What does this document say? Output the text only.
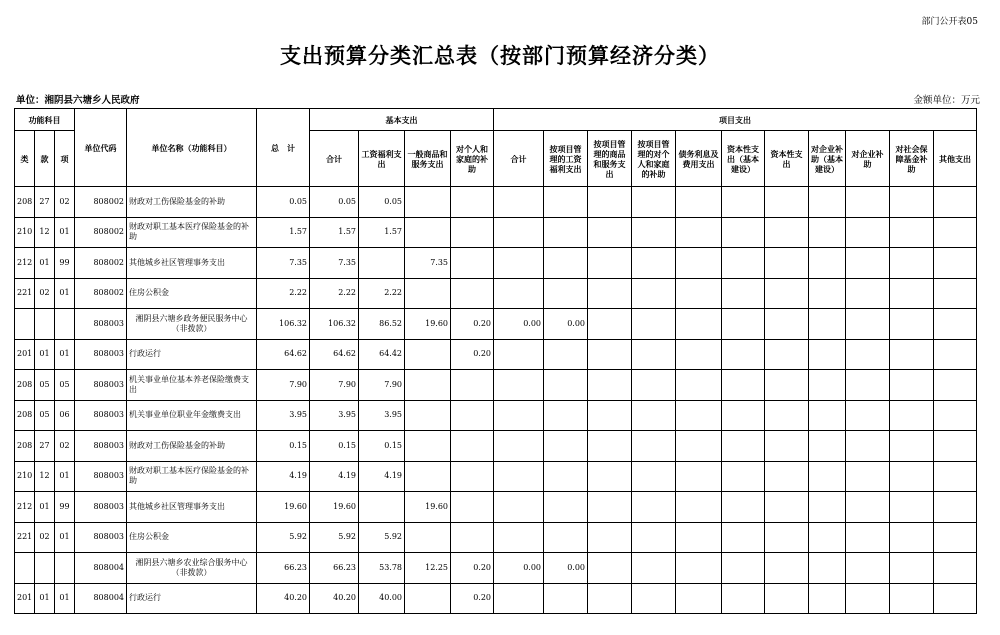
部门公开表05
支出预算分类汇总表（按部门预算经济分类）
单位：湘阴县六塘乡人民政府	金额单位：万元
功能科目			单位代码	单位名称（功能科目）	总　计	基本支出				项目支出										
类	款	项				合计	工资福利支出	一般商品和服务支出	对个人和家庭的补助	合计	按项目管理的工资福利支出	按项目管理的商品和服务支出	按项目管理的对个人和家庭的补助	债务利息及费用支出	资本性支出（基本建设）	资本性支出	对企业补助（基本建设）	对企业补助	对社会保障基金补助	其他支出
208	27	02	808002	财政对工伤保险基金的补助	0.05	0.05	0.05													
210	12	01	808002	财政对职工基本医疗保险基金的补助	1.57	1.57	1.57													
212	01	99	808002	其他城乡社区管理事务支出	7.35	7.35		7.35												
221	02	01	808002	住房公积金	2.22	2.22	2.22													
			808003	湘阴县六塘乡政务便民服务中心（非拨款）	106.32	106.32	86.52	19.60	0.20	0.00	0.00									
201	01	01	808003	行政运行	64.62	64.62	64.42		0.20											
208	05	05	808003	机关事业单位基本养老保险缴费支出	7.90	7.90	7.90													
208	05	06	808003	机关事业单位职业年金缴费支出	3.95	3.95	3.95													
208	27	02	808003	财政对工伤保险基金的补助	0.15	0.15	0.15													
210	12	01	808003	财政对职工基本医疗保险基金的补助	4.19	4.19	4.19													
212	01	99	808003	其他城乡社区管理事务支出	19.60	19.60		19.60												
221	02	01	808003	住房公积金	5.92	5.92	5.92													
			808004	湘阴县六塘乡农业综合服务中心（非拨款）	66.23	66.23	53.78	12.25	0.20	0.00	0.00									
201	01	01	808004	行政运行	40.20	40.20	40.00		0.20											
